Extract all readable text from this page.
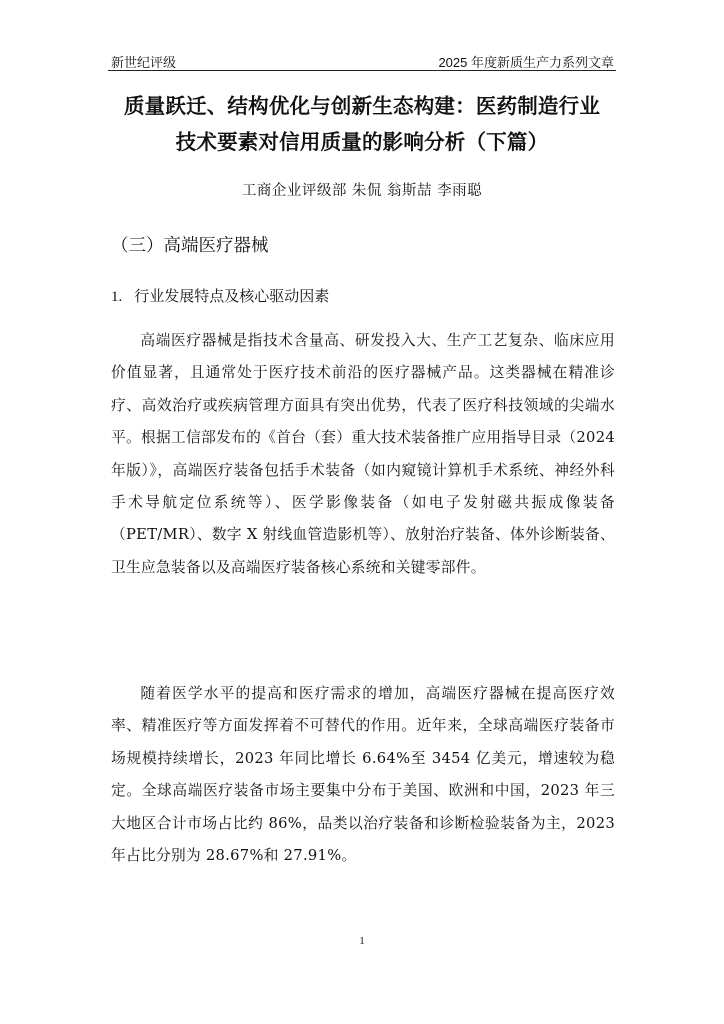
新世纪评级	2025 年度新质生产力系列文章
质量跃迁、结构优化与创新生态构建：医药制造行业
技术要素对信用质量的影响分析（下篇）
工商企业评级部 朱侃 翁斯喆 李雨聪
（三）高端医疗器械
1. 行业发展特点及核心驱动因素
高端医疗器械是指技术含量高、研发投入大、生产工艺复杂、临床应用价值显著，且通常处于医疗技术前沿的医疗器械产品。这类器械在精准诊疗、高效治疗或疾病管理方面具有突出优势，代表了医疗科技领域的尖端水平。根据工信部发布的《首台（套）重大技术装备推广应用指导目录（2024 年版）》，高端医疗装备包括手术装备（如内窥镜计算机手术系统、神经外科手术导航定位系统等）、医学影像装备（如电子发射磁共振成像装备（PET/MR）、数字 X 射线血管造影机等）、放射治疗装备、体外诊断装备、卫生应急装备以及高端医疗装备核心系统和关键零部件。
随着医学水平的提高和医疗需求的增加，高端医疗器械在提高医疗效率、精准医疗等方面发挥着不可替代的作用。近年来，全球高端医疗装备市场规模持续增长，2023 年同比增长 6.64%至 3454 亿美元，增速较为稳定。全球高端医疗装备市场主要集中分布于美国、欧洲和中国，2023 年三大地区合计市场占比约 86%，品类以治疗装备和诊断检验装备为主，2023 年占比分别为 28.67%和 27.91%。
1
